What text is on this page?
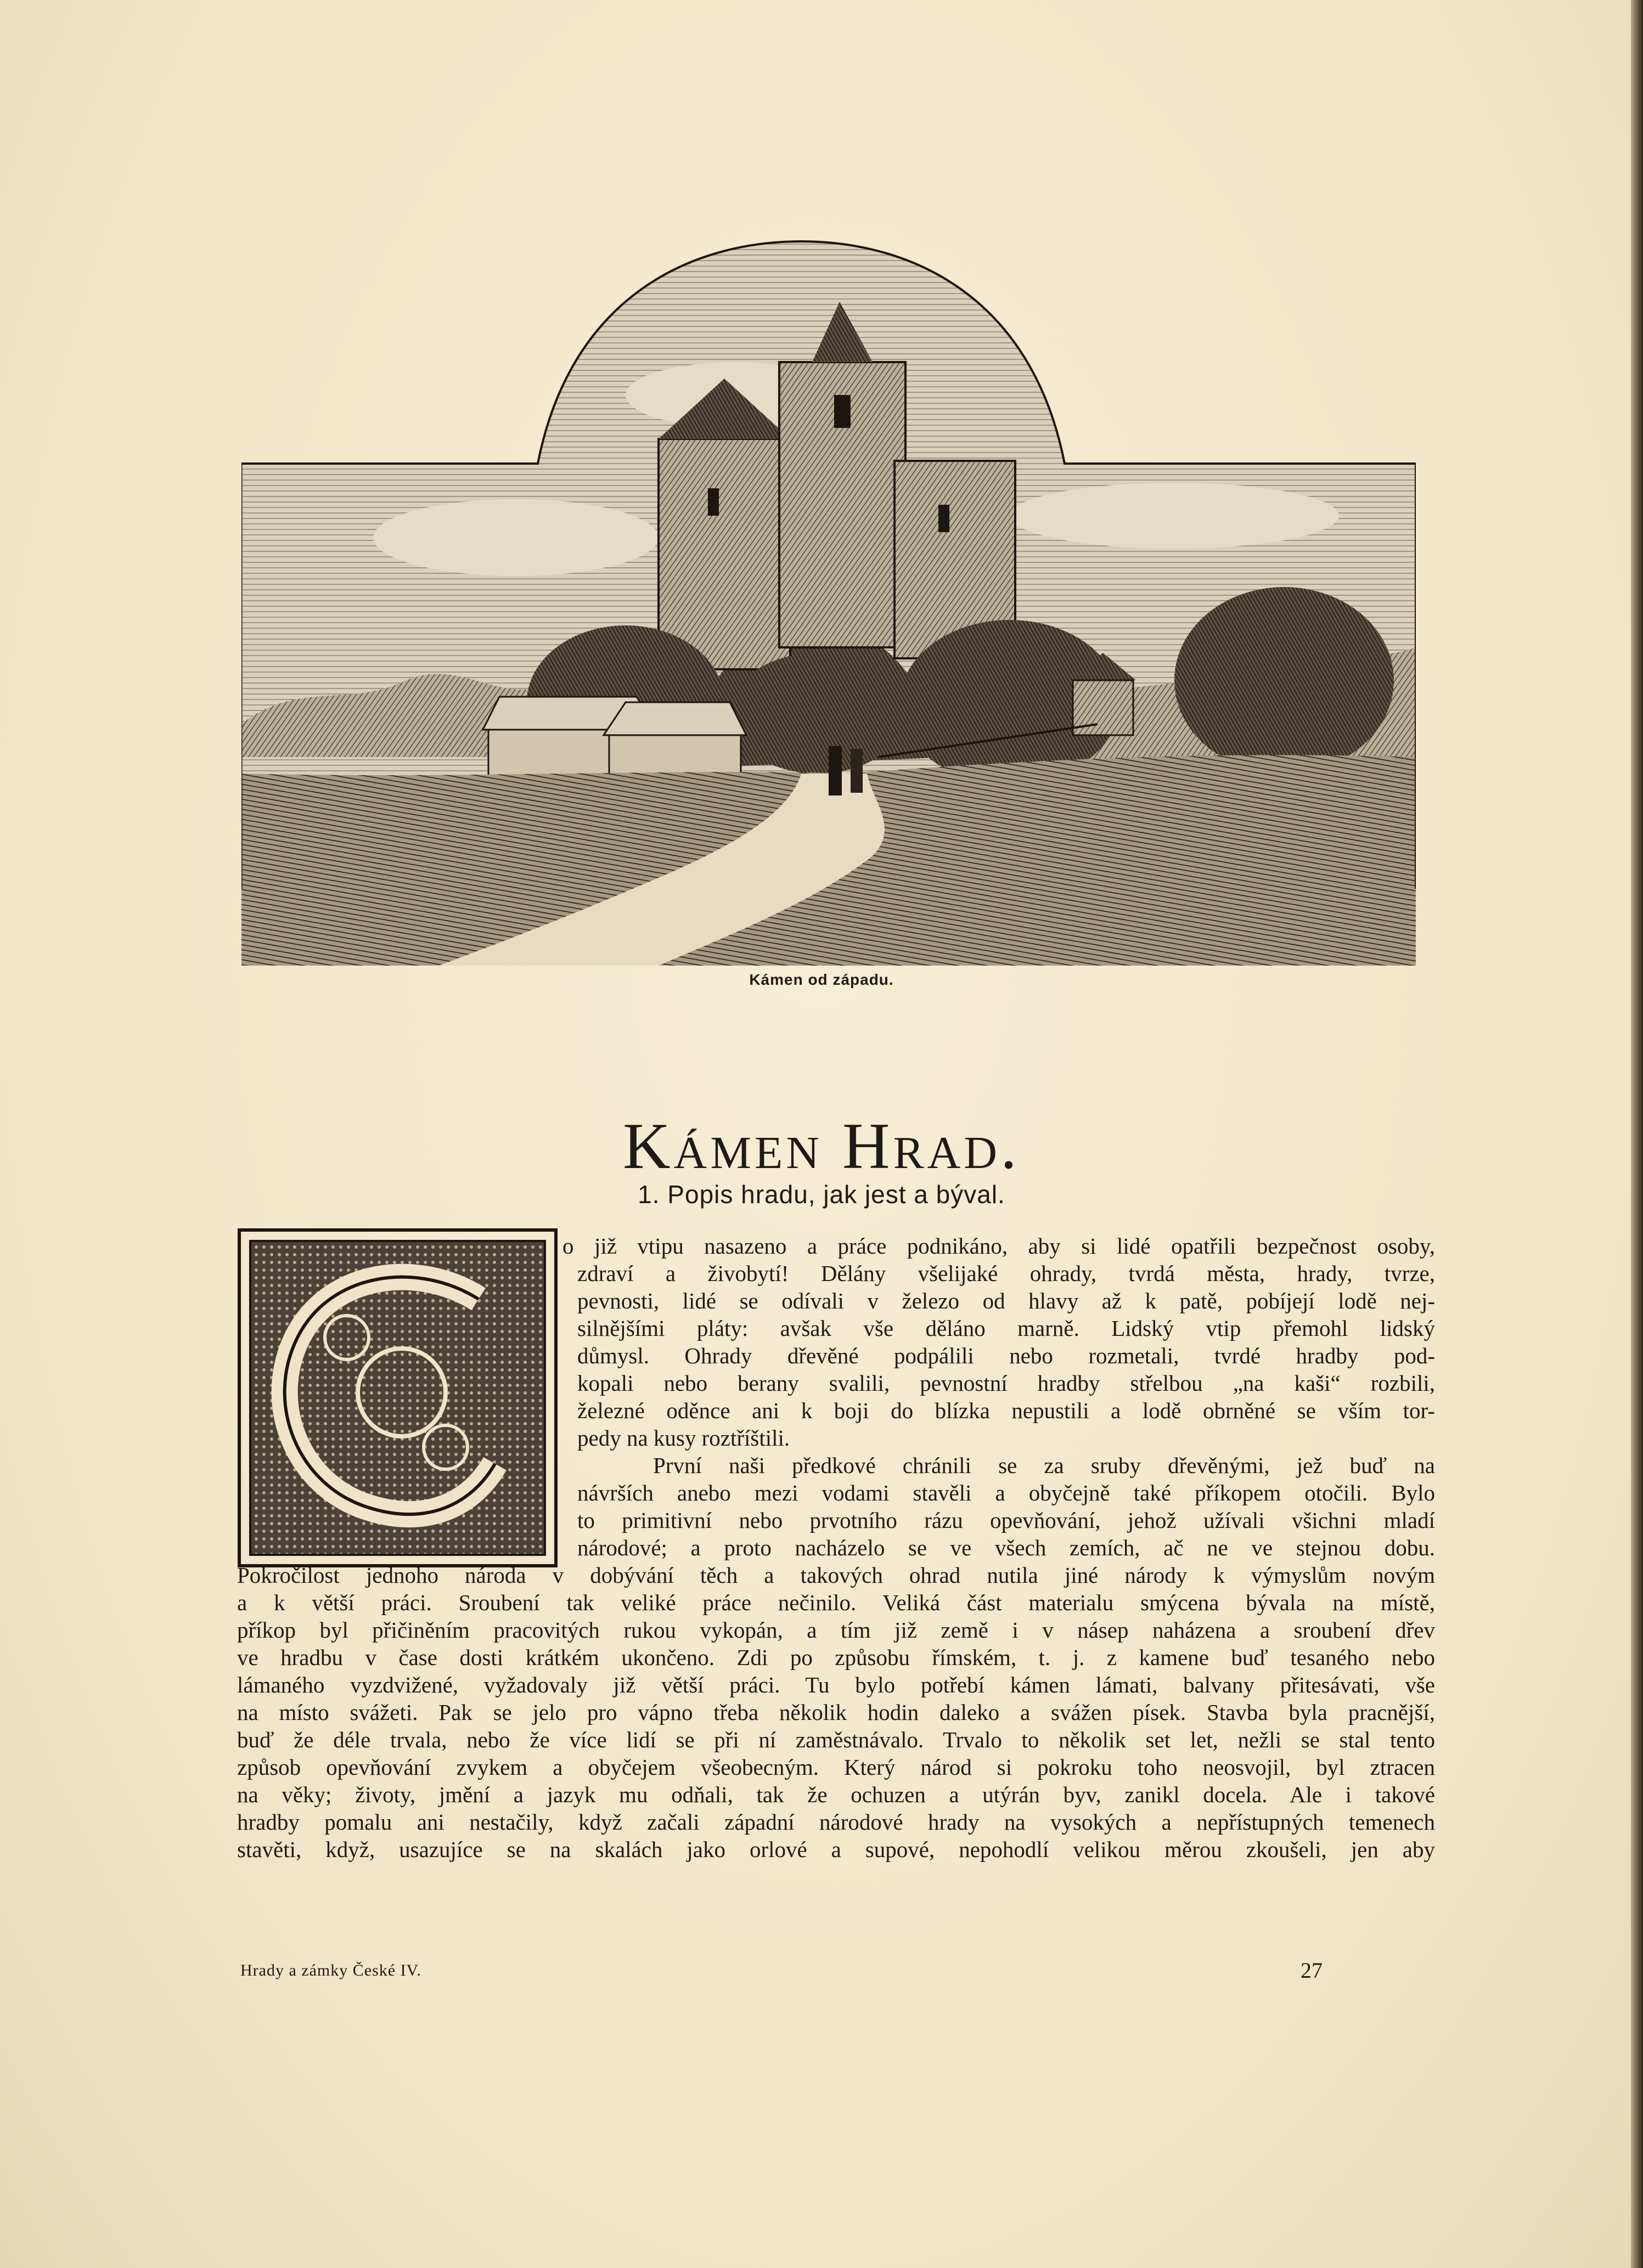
Kámen od západu.
Kámen Hrad.
1. Popis hradu, jak jest a býval.
o již vtipu nasazeno a práce podnikáno, aby si lidé opatřili bezpečnost osoby,
zdraví a živobytí! Dělány všelijaké ohrady, tvrdá města, hrady, tvrze,
pevnosti, lidé se odívali v železo od hlavy až k patě, pobíjejí lodě nej-
silnějšími pláty: avšak vše děláno marně. Lidský vtip přemohl lidský
důmysl. Ohrady dřevěné podpálili nebo rozmetali, tvrdé hradby pod-
kopali nebo berany svalili, pevnostní hradby střelbou „na kaši“ rozbili,
železné oděnce ani k boji do blízka nepustili a lodě obrněné se vším tor-
pedy na kusy roztříštili.
První naši předkové chránili se za sruby dřevěnými, jež buď na
návrších anebo mezi vodami stavěli a obyčejně také příkopem otočili. Bylo
to primitivní nebo prvotního rázu opevňování, jehož užívali všichni mladí
národové; a proto nacházelo se ve všech zemích, ač ne ve stejnou dobu.
Pokročilost jednoho národa v dobývání těch a takových ohrad nutila jiné národy k výmyslům novým
a k větší práci. Sroubení tak veliké práce nečinilo. Veliká část materialu smýcena bývala na místě,
příkop byl přičiněním pracovitých rukou vykopán, a tím již země i v násep naházena a sroubení dřev
ve hradbu v čase dosti krátkém ukončeno. Zdi po způsobu římském, t. j. z kamene buď tesaného nebo
lámaného vyzdvižené, vyžadovaly již větší práci. Tu bylo potřebí kámen lámati, balvany přitesávati, vše
na místo svážeti. Pak se jelo pro vápno třeba několik hodin daleko a svážen písek. Stavba byla pracnější,
buď že déle trvala, nebo že více lidí se při ní zaměstnávalo. Trvalo to několik set let, nežli se stal tento
způsob opevňování zvykem a obyčejem všeobecným. Který národ si pokroku toho neosvojil, byl ztracen
na věky; životy, jmění a jazyk mu odňali, tak že ochuzen a utýrán byv, zanikl docela. Ale i takové
hradby pomalu ani nestačily, když začali západní národové hrady na vysokých a nepřístupných temenech
stavěti, když, usazujíce se na skalách jako orlové a supové, nepohodlí velikou měrou zkoušeli, jen aby
Hrady a zámky České IV.	27
